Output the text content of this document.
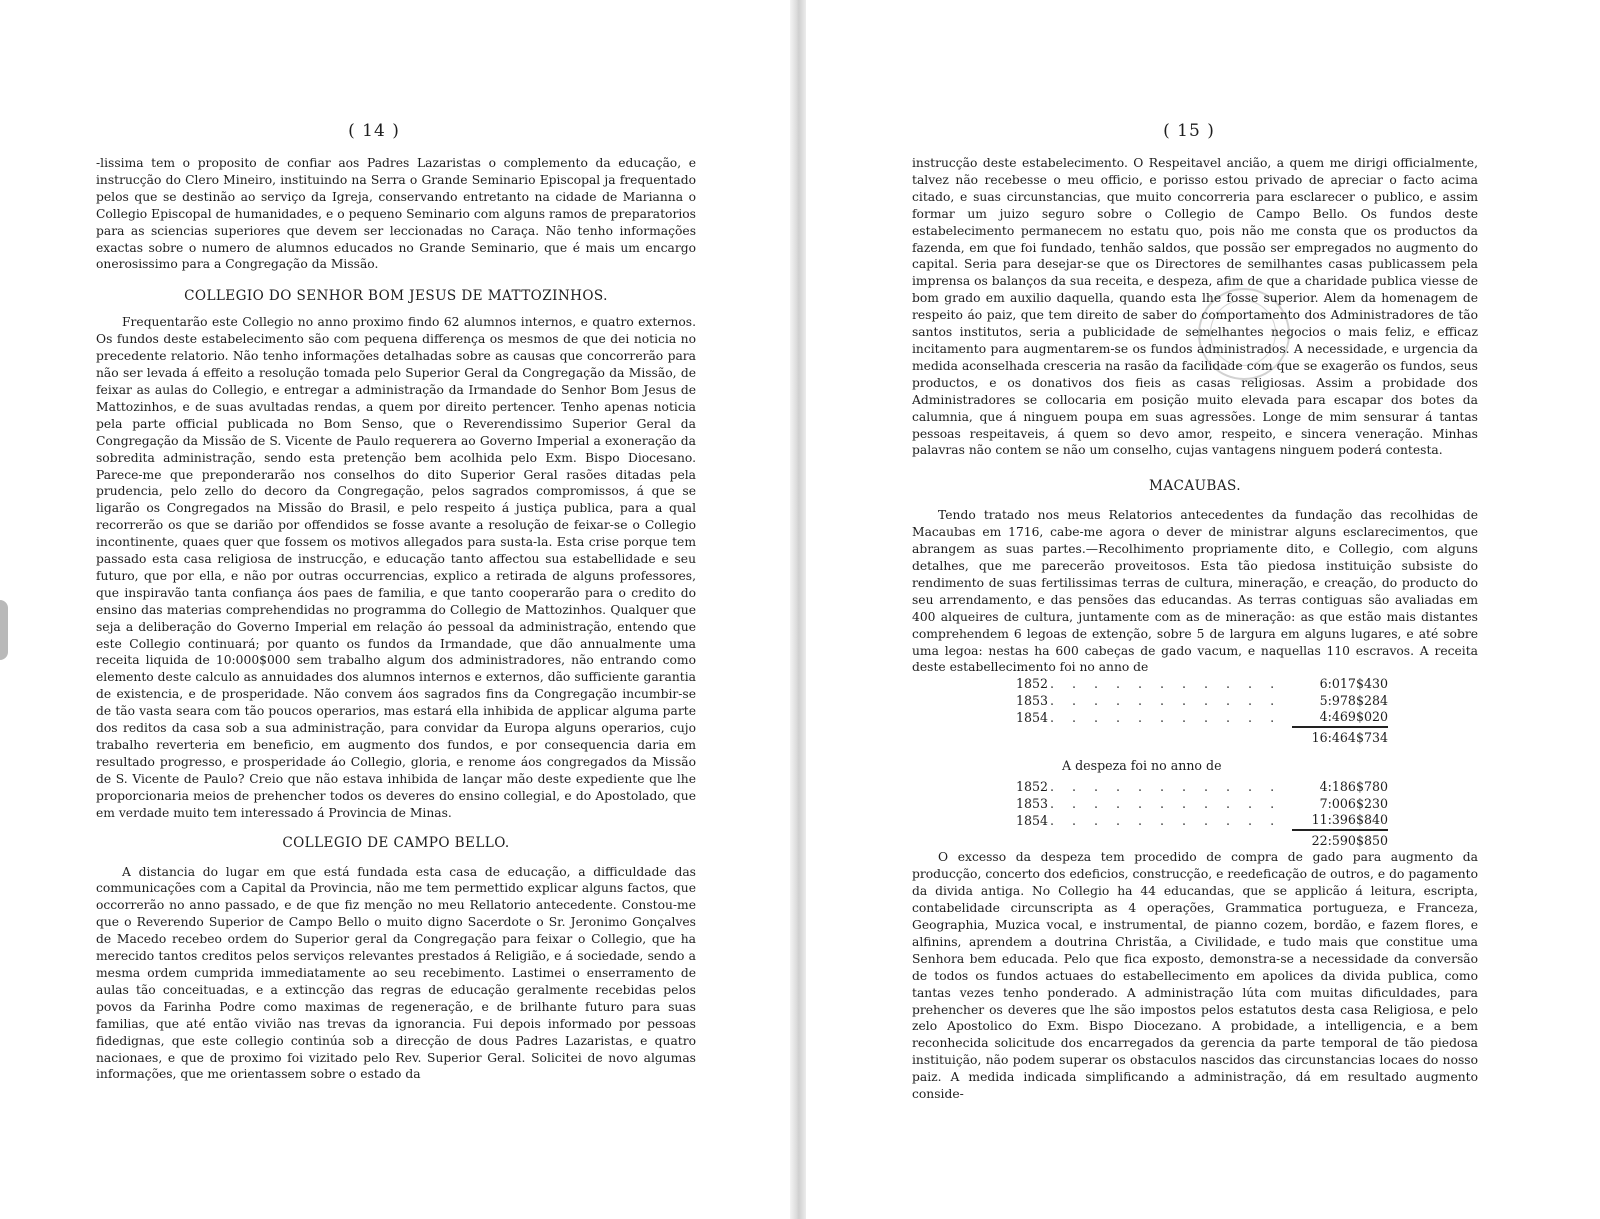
( 14 )

-lissima tem o proposito de confiar aos Padres Lazaristas o complemento da educação, e instrucção do Clero Mineiro, instituindo na Serra o Grande Seminario Episcopal ja frequentado pelos que se destinão ao serviço da Igreja, conservando entretanto na cidade de Marianna o Collegio Episcopal de humanidades, e o pequeno Seminario com alguns ramos de preparatorios para as sciencias superiores que devem ser leccionadas no Caraça. Não tenho informações exactas sobre o numero de alumnos educados no Grande Seminario, que é mais um encargo onerosissimo para a Congregação da Missão.

COLLEGIO DO SENHOR BOM JESUS DE MATTOZINHOS.

Frequentarão este Collegio no anno proximo findo 62 alumnos internos, e quatro externos. Os fundos deste estabelecimento são com pequena differença os mesmos de que dei noticia no precedente relatorio. Não tenho informações detalhadas sobre as causas que concorrerão para não ser levada á effeito a resolução tomada pelo Superior Geral da Congregação da Missão, de feixar as aulas do Collegio, e entregar a administração da Irmandade do Senhor Bom Jesus de Mattozinhos, e de suas avultadas rendas, a quem por direito pertencer. Tenho apenas noticia pela parte official publicada no Bom Senso, que o Reverendissimo Superior Geral da Congregação da Missão de S. Vicente de Paulo requerera ao Governo Imperial a exoneração da sobredita administração, sendo esta pretenção bem acolhida pelo Exm. Bispo Diocesano. Parece-me que preponderarão nos conselhos do dito Superior Geral rasões ditadas pela prudencia, pelo zello do decoro da Congregação, pelos sagrados compromissos, á que se ligarão os Congregados na Missão do Brasil, e pelo respeito á justiça publica, para a qual recorrerão os que se darião por offendidos se fosse avante a resolução de feixar-se o Collegio incontinente, quaes quer que fossem os motivos allegados para susta-la. Esta crise porque tem passado esta casa religiosa de instrucção, e educação tanto affectou sua estabellidade e seu futuro, que por ella, e não por outras occurrencias, explico a retirada de alguns professores, que inspiravão tanta confiança áos paes de familia, e que tanto cooperarão para o credito do ensino das materias comprehendidas no programma do Collegio de Mattozinhos. Qualquer que seja a deliberação do Governo Imperial em relação áo pessoal da administração, entendo que este Collegio continuará; por quanto os fundos da Irmandade, que dão annualmente uma receita liquida de 10:000$000 sem trabalho algum dos administradores, não entrando como elemento deste calculo as annuidades dos alumnos internos e externos, dão sufficiente garantia de existencia, e de prosperidade. Não convem áos sagrados fins da Congregação incumbir-se de tão vasta seara com tão poucos operarios, mas estará ella inhibida de applicar alguma parte dos reditos da casa sob a sua administração, para convidar da Europa alguns operarios, cujo trabalho reverteria em beneficio, em augmento dos fundos, e por consequencia daria em resultado progresso, e prosperidade áo Collegio, gloria, e renome áos congregados da Missão de S. Vicente de Paulo? Creio que não estava inhibida de lançar mão deste expediente que lhe proporcionaria meios de prehencher todos os deveres do ensino collegial, e do Apostolado, que em verdade muito tem interessado á Provincia de Minas.

COLLEGIO DE CAMPO BELLO.

A distancia do lugar em que está fundada esta casa de educação, a difficuldade das communicações com a Capital da Provincia, não me tem permettido explicar alguns factos, que occorrerão no anno passado, e de que fiz menção no meu Rellatorio antecedente. Constou-me que o Reverendo Superior de Campo Bello o muito digno Sacerdote o Sr. Jeronimo Gonçalves de Macedo recebeo ordem do Superior geral da Congregação para feixar o Collegio, que ha merecido tantos creditos pelos serviços relevantes prestados á Religião, e á sociedade, sendo a mesma ordem cumprida immediatamente ao seu recebimento. Lastimei o enserramento de aulas tão conceituadas, e a extincção das regras de educação geralmente recebidas pelos povos da Farinha Podre como maximas de regeneração, e de brilhante futuro para suas familias, que até então vivião nas trevas da ignorancia. Fui depois informado por pessoas fidedignas, que este collegio continúa sob a direcção de dous Padres Lazaristas, e quatro nacionaes, e que de proximo foi vizitado pelo Rev. Superior Geral. Solicitei de novo algumas informações, que me orientassem sobre o estado da

( 15 )

instrucção deste estabelecimento. O Respeitavel ancião, a quem me dirigi officialmente, talvez não recebesse o meu officio, e porisso estou privado de apreciar o facto acima citado, e suas circunstancias, que muito concorreria para esclarecer o publico, e assim formar um juizo seguro sobre o Collegio de Campo Bello. Os fundos deste estabelecimento permanecem no estatu quo, pois não me consta que os productos da fazenda, em que foi fundado, tenhão saldos, que possão ser empregados no augmento do capital. Seria para desejar-se que os Directores de semilhantes casas publicassem pela imprensa os balanços da sua receita, e despeza, afim de que a charidade publica viesse de bom grado em auxilio daquella, quando esta lhe fosse superior. Alem da homenagem de respeito áo paiz, que tem direito de saber do comportamento dos Administradores de tão santos institutos, seria a publicidade de semelhantes negocios o mais feliz, e efficaz incitamento para augmentarem-se os fundos administrados. A necessidade, e urgencia da medida aconselhada cresceria na rasão da facilidade com que se exagerão os fundos, seus productos, e os donativos dos fieis as casas religiosas. Assim a probidade dos Administradores se collocaria em posição muito elevada para escapar dos botes da calumnia, que á ninguem poupa em suas agressões. Longe de mim sensurar á tantas pessoas respeitaveis, á quem so devo amor, respeito, e sincera veneração. Minhas palavras não contem se não um conselho, cujas vantagens ninguem poderá contesta.

MACAUBAS.

Tendo tratado nos meus Relatorios antecedentes da fundação das recolhidas de Macaubas em 1716, cabe-me agora o dever de ministrar alguns esclarecimentos, que abrangem as suas partes.—Recolhimento propriamente dito, e Collegio, com alguns detalhes, que me parecerão proveitosos. Esta tão piedosa instituição subsiste do rendimento de suas fertilissimas terras de cultura, mineração, e creação, do producto do seu arrendamento, e das pensões das educandas. As terras contiguas são avaliadas em 400 alqueires de cultura, juntamente com as de mineração: as que estão mais distantes comprehendem 6 legoas de extenção, sobre 5 de largura em alguns lugares, e até sobre uma legoa: nestas ha 600 cabeças de gado vacum, e naquellas 110 escravos. A receita deste estabellecimento foi no anno de

1852	. . . . . . . . . . .	6:017$430
1853	. . . . . . . . . . .	5:978$284
1854	. . . . . . . . . . .	4:469$020
		16:464$734
A despeza foi no anno de
1852	. . . . . . . . . . .	4:186$780
1853	. . . . . . . . . . .	7:006$230
1854	. . . . . . . . . . .	11:396$840
		22:590$850

O excesso da despeza tem procedido de compra de gado para augmento da producção, concerto dos edeficios, construcção, e reedeficação de outros, e do pagamento da divida antiga. No Collegio ha 44 educandas, que se applicão á leitura, escripta, contabelidade circunscripta as 4 operações, Grammatica portugueza, e Franceza, Geographia, Muzica vocal, e instrumental, de pianno cozem, bordão, e fazem flores, e alfinins, aprendem a doutrina Christãa, a Civilidade, e tudo mais que constitue uma Senhora bem educada. Pelo que fica exposto, demonstra-se a necessidade da conversão de todos os fundos actuaes do estabellecimento em apolices da divida publica, como tantas vezes tenho ponderado. A administração lúta com muitas dificuldades, para prehencher os deveres que lhe são impostos pelos estatutos desta casa Religiosa, e pelo zelo Apostolico do Exm. Bispo Diocezano. A probidade, a intelligencia, e a bem reconhecida solicitude dos encarregados da gerencia da parte temporal de tão piedosa instituição, não podem superar os obstaculos nascidos das circunstancias locaes do nosso paiz. A medida indicada simplificando a administração, dá em resultado augmento conside-
